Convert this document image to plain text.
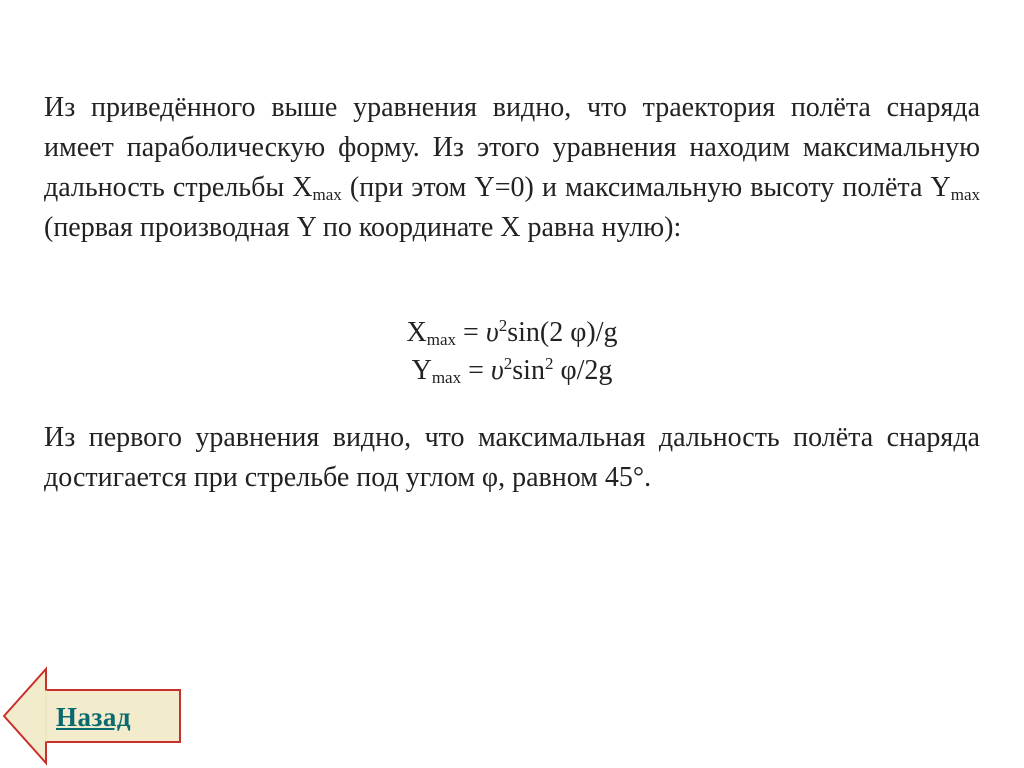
Из приведённого выше уравнения видно, что траектория полёта снаряда имеет параболическую форму. Из этого уравнения находим максимальную дальность стрельбы $X_{max}$ (при этом Y=0) и максимальную высоту полёта $Y_{max}$ (первая производная Y по координате X равна нулю):
$X_{max} = \upsilon^2\sin(2$ φ)/g
$Y_{max} = \upsilon^2\sin^2$ φ/2g
Из первого уравнения видно, что максимальная дальность полёта снаряда достигается при стрельбе под углом φ, равном 45°.
Назад
